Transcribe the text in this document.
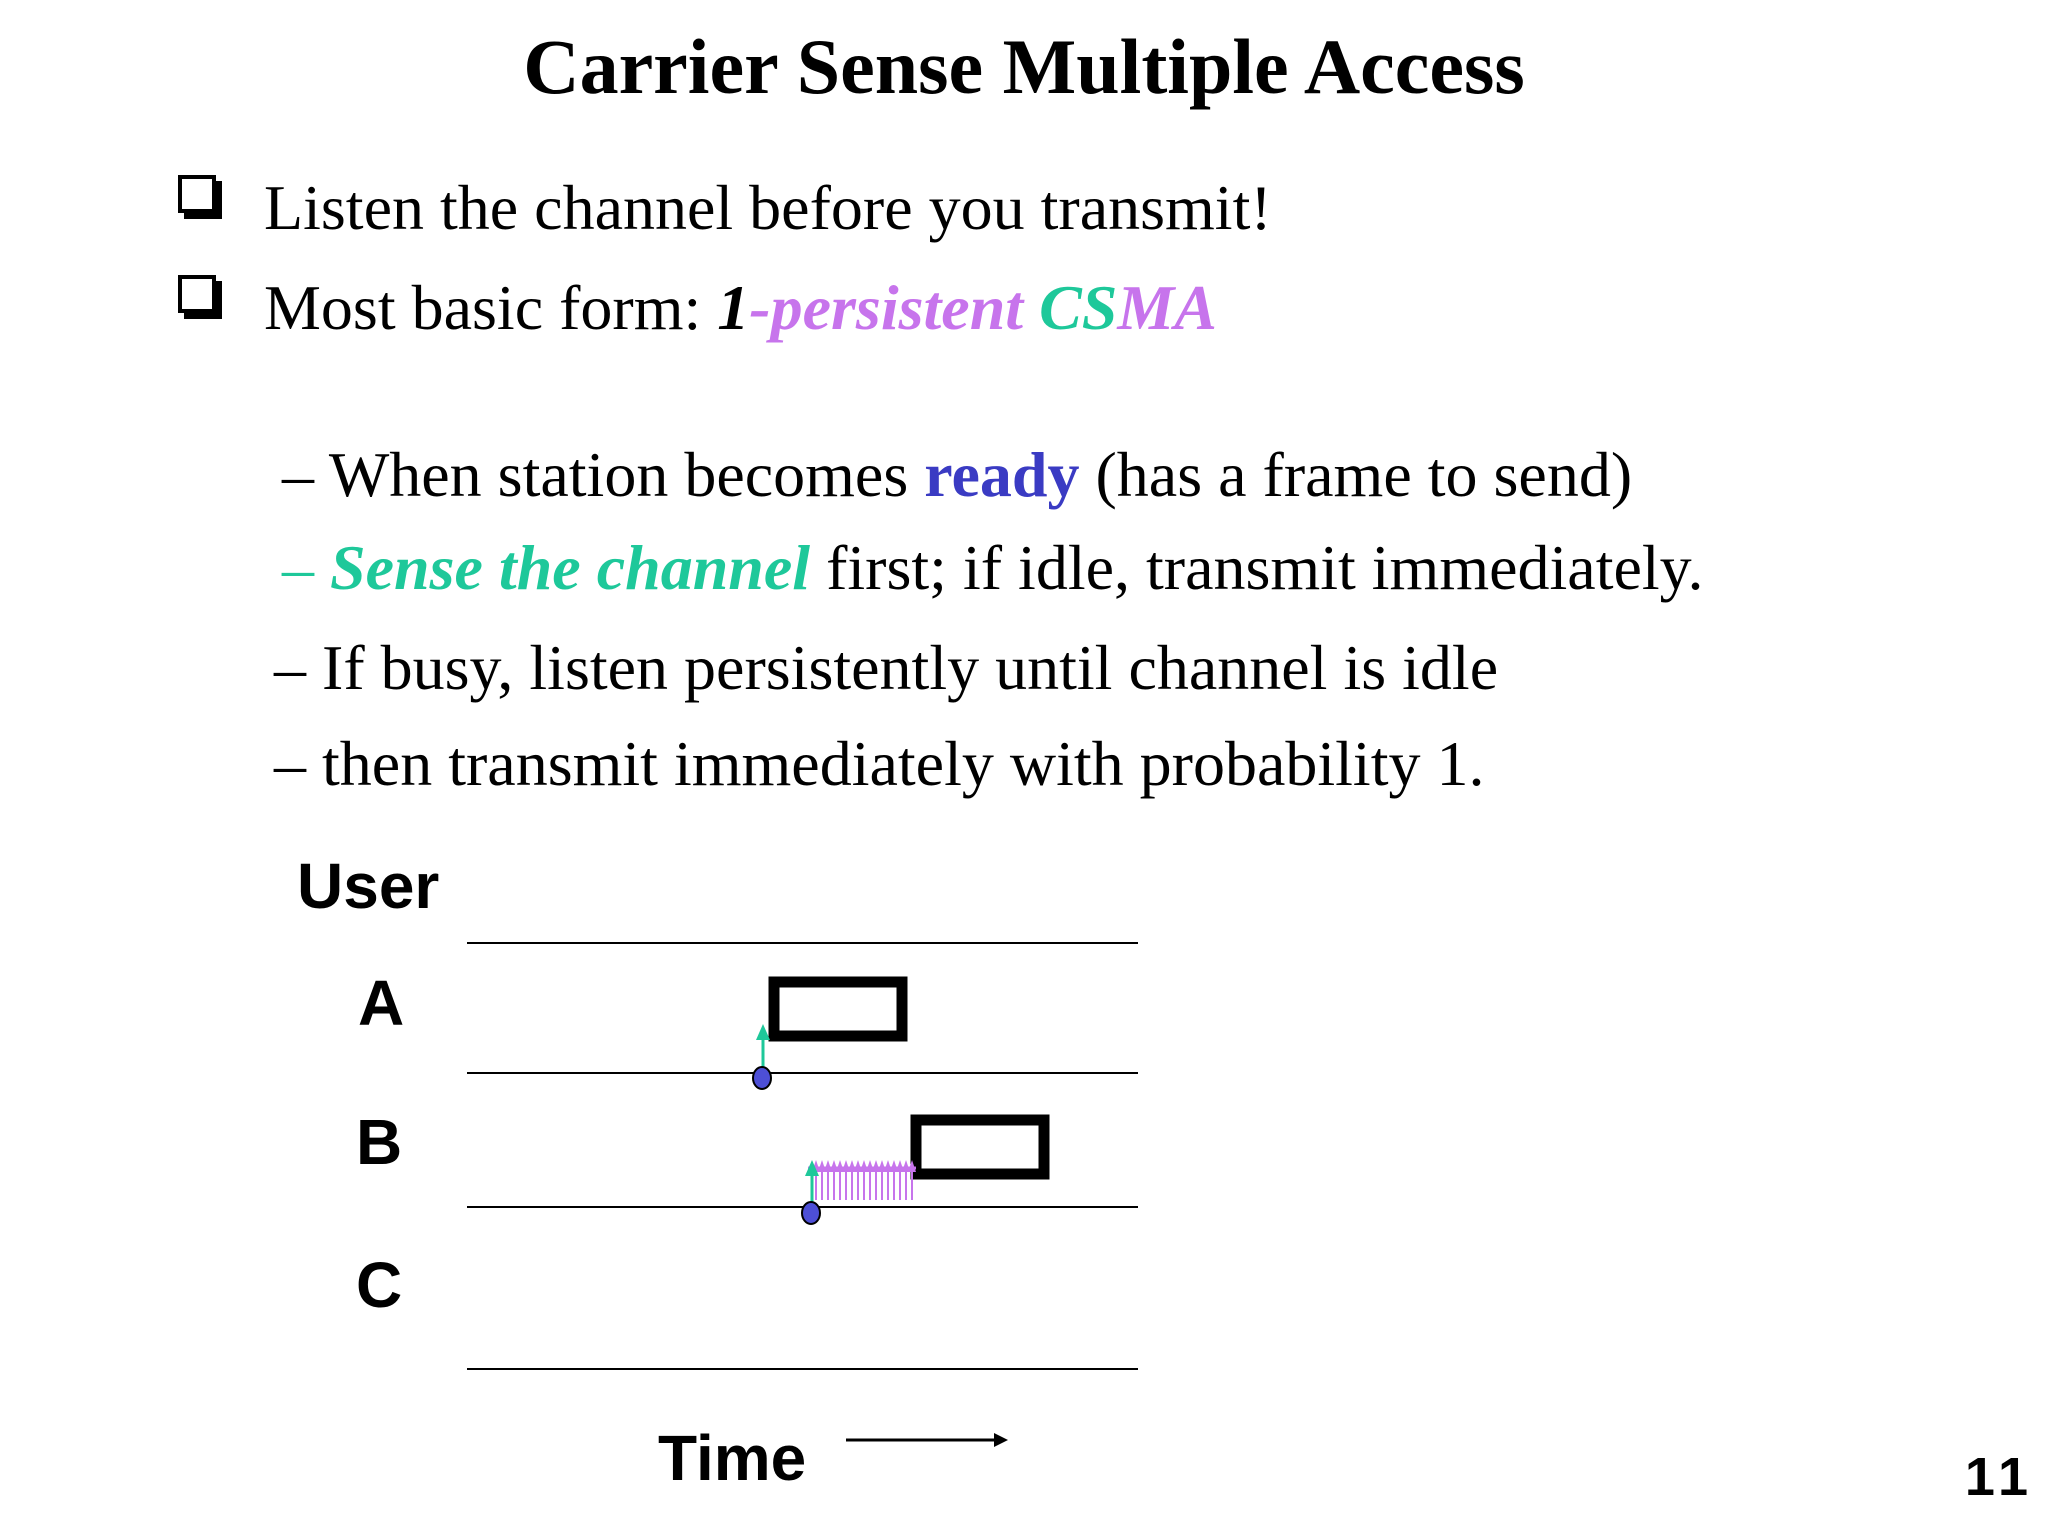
Carrier Sense Multiple Access
Listen the channel before you transmit!
Most basic form: 1 -persistent CS MA
– When station becomes ready (has a frame to send)
– Sense the channel first; if idle, transmit immediately.
– If busy, listen persistently until channel is idle
– then transmit immediately with probability 1.
User
A
B
C
Time	11
